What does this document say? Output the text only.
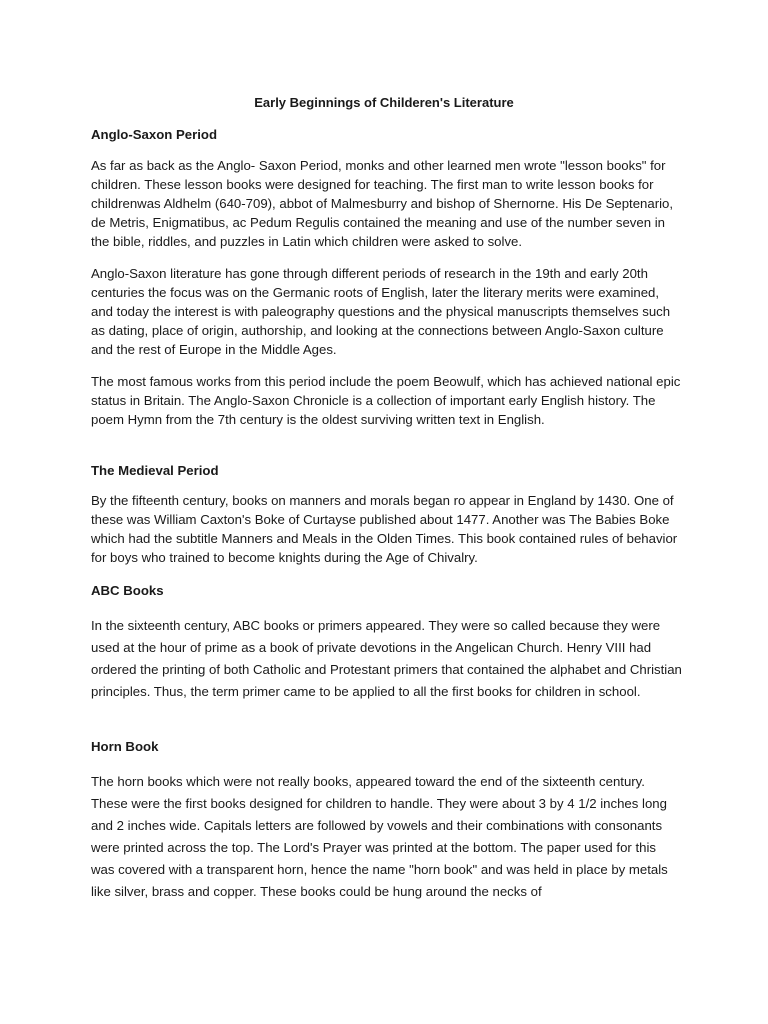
Early Beginnings of Childeren's Literature
Anglo-Saxon Period

As far as back as the Anglo- Saxon Period, monks and other learned men wrote "lesson books" for children. These lesson books were designed for teaching. The first man to write lesson books for childrenwas Aldhelm (640-709), abbot of Malmesburry and bishop of Shernorne. His De Septenario, de Metris, Enigmatibus, ac Pedum Regulis contained the meaning and use of the number seven in the bible, riddles, and puzzles in Latin which children were asked to solve.

Anglo-Saxon literature has gone through different periods of research in the 19th and early 20th centuries the focus was on the Germanic roots of English, later the literary merits were examined, and today the interest is with paleography questions and the physical manuscripts themselves such as dating, place of origin, authorship, and looking at the connections between Anglo-Saxon culture and the rest of Europe in the Middle Ages.

The most famous works from this period include the poem Beowulf, which has achieved national epic status in Britain. The Anglo-Saxon Chronicle is a collection of important early English history. The poem Hymn from the 7th century is the oldest surviving written text in English.

The Medieval Period

By the fifteenth century, books on manners and morals began ro appear in England by 1430. One of these was William Caxton's Boke of Curtayse published about 1477. Another was The Babies Boke which had the subtitle Manners and Meals in the Olden Times. This book contained rules of behavior for boys who trained to become knights during the Age of Chivalry.

ABC Books

In the sixteenth century, ABC books or primers appeared. They were so called because they were used at the hour of prime as a book of private devotions in the Angelican Church. Henry VIII had ordered the printing of both Catholic and Protestant primers that contained the alphabet and Christian principles. Thus, the term primer came to be applied to all the first books for children in school.

Horn Book

The horn books which were not really books, appeared toward the end of the sixteenth century. These were the first books designed for children to handle. They were about 3 by 4 1/2 inches long and 2 inches wide. Capitals letters are followed by vowels and their combinations with consonants were printed across the top. The Lord's Prayer was printed at the bottom. The paper used for this was covered with a transparent horn, hence the name "horn book" and was held in place by metals like silver, brass and copper. These books could be hung around the necks of
